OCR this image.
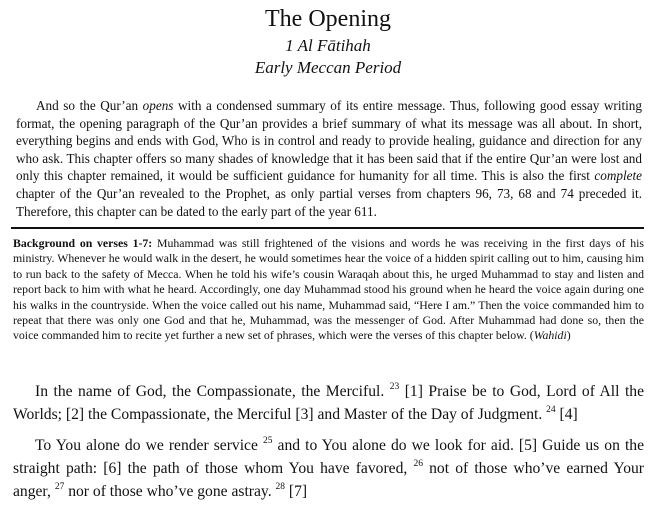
The Opening
1 Al Fātihah
Early Meccan Period

And so the Qur’an opens with a condensed summary of its entire message. Thus, following good essay writing format, the opening paragraph of the Qur’an provides a brief summary of what its message was all about. In short, everything begins and ends with God, Who is in control and ready to provide healing, guidance and direction for any who ask. This chapter offers so many shades of knowledge that it has been said that if the entire Qur’an were lost and only this chapter remained, it would be sufficient guidance for humanity for all time. This is also the first complete chapter of the Qur’an revealed to the Prophet, as only partial verses from chapters 96, 73, 68 and 74 preceded it. Therefore, this chapter can be dated to the early part of the year 611.

Background on verses 1-7: Muhammad was still frightened of the visions and words he was receiving in the first days of his ministry. Whenever he would walk in the desert, he would sometimes hear the voice of a hidden spirit calling out to him, causing him to run back to the safety of Mecca. When he told his wife’s cousin Waraqah about this, he urged Muhammad to stay and listen and report back to him with what he heard. Accordingly, one day Muhammad stood his ground when he heard the voice again during one his walks in the countryside. When the voice called out his name, Muhammad said, “Here I am.” Then the voice commanded him to repeat that there was only one God and that he, Muhammad, was the messenger of God. After Muhammad had done so, then the voice commanded him to recite yet further a new set of phrases, which were the verses of this chapter below. (Wahidi)

In the name of God, the Compassionate, the Merciful. $^{23}$ [1] Praise be to God, Lord of All the Worlds; [2] the Compassionate, the Merciful [3] and Master of the Day of Judgment. $^{24}$ [4]

To You alone do we render service $^{25}$ and to You alone do we look for aid. [5] Guide us on the straight path: [6] the path of those whom You have favored, $^{26}$ not of those who’ve earned Your anger, $^{27}$ nor of those who’ve gone astray. $^{28}$ [7]
